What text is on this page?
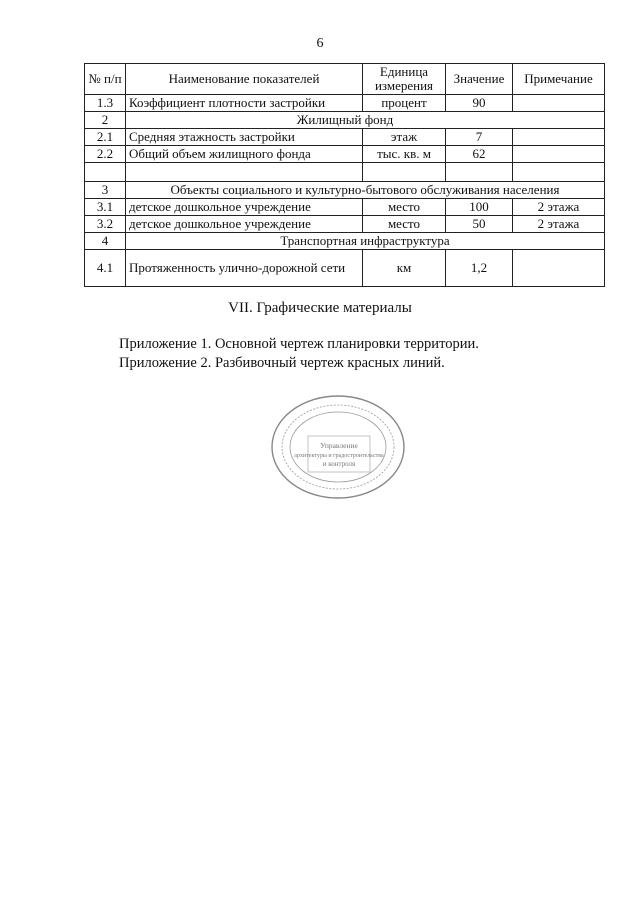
6
№ п/п	Наименование показателей	Единица измерения	Значение	Примечание
1.3	Коэффициент плотности застройки	процент	90	
2	Жилищный фонд			
2.1	Средняя этажность застройки	этаж	7	
2.2	Общий объем жилищного фонда	тыс. кв. м	62	

3	Объекты социального и культурно-бытового обслуживания населения			
3.1	детское дошкольное учреждение	место	100	2 этажа
3.2	детское дошкольное учреждение	место	50	2 этажа
4	Транспортная инфраструктура			
4.1	Протяженность улично-дорожной сети	км	1,2	
VII. Графические материалы
Приложение 1. Основной чертеж планировки территории.
Приложение 2. Разбивочный чертеж красных линий.
Управление
архитектуры и градостроительства
и контроля
